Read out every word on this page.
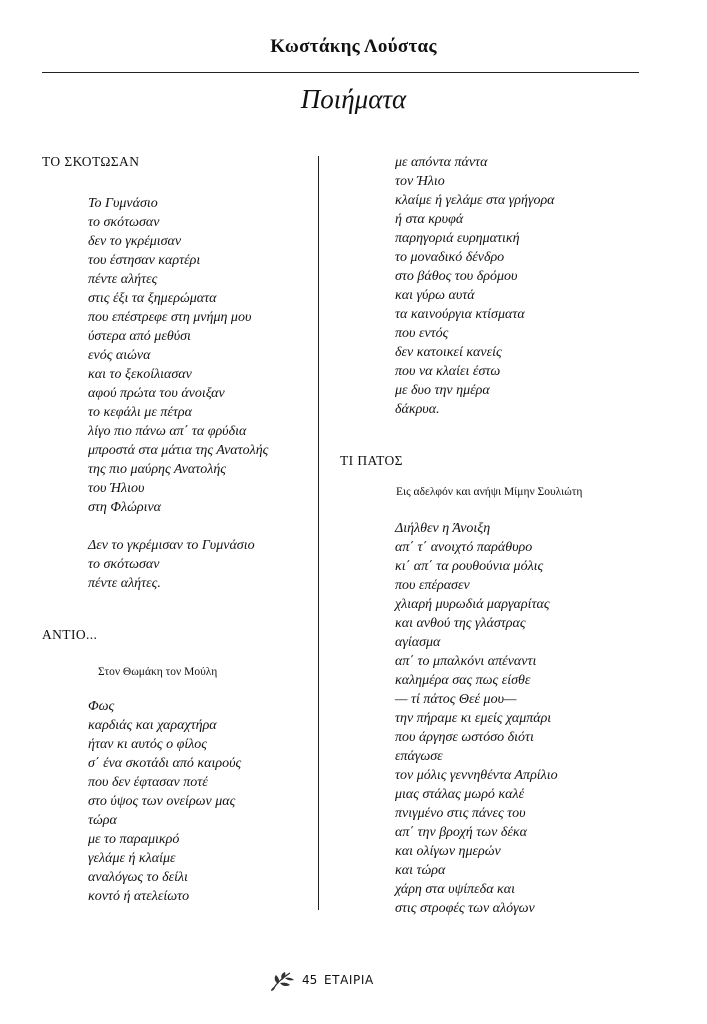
Κωστάκης Λούστας
Ποιήματα
ΤΟ ΣΚΟΤΩΣΑΝ
Το Γυμνάσιο
το σκότωσαν
δεν το γκρέμισαν
του έστησαν καρτέρι
πέντε αλήτες
στις έξι τα ξημερώματα
που επέστρεφε στη μνήμη μου
ύστερα από μεθύσι
ενός αιώνα
και το ξεκοίλιασαν
αφού πρώτα του άνοιξαν
το κεφάλι με πέτρα
λίγο πιο πάνω απ΄ τα φρύδια
μπροστά στα μάτια της Ανατολής
της πιο μαύρης Ανατολής
του Ήλιου
στη Φλώρινα
Δεν το γκρέμισαν το Γυμνάσιο
το σκότωσαν
πέντε αλήτες.
ΑΝΤΙΟ...
Στον Θωμάκη τον Μούλη
Φως
καρδιάς και χαραχτήρα
ήταν κι αυτός ο φίλος
σ΄ ένα σκοτάδι από καιρούς
που δεν έφτασαν ποτέ
στο ύψος των ονείρων μας
τώρα
με το παραμικρό
γελάμε ή κλαίμε
αναλόγως το δείλι
κοντό ή ατελείωτο
με απόντα πάντα
τον Ήλιο
κλαίμε ή γελάμε στα γρήγορα
ή στα κρυφά
παρηγοριά ευρηματική
το μοναδικό δένδρο
στο βάθος του δρόμου
και γύρω αυτά
τα καινούργια κτίσματα
που εντός
δεν κατοικεί κανείς
που να κλαίει έστω
με δυο την ημέρα
δάκρυα.
ΤΙ ΠΑΤΟΣ
Εις αδελφόν και ανήψι Μίμην Σουλιώτη
Διήλθεν η Άνοιξη
απ΄ τ΄ ανοιχτό παράθυρο
κι΄ απ΄ τα ρουθούνια μόλις
που επέρασεν
χλιαρή μυρωδιά μαργαρίτας
και ανθού της γλάστρας
αγίασμα
απ΄ το μπαλκόνι απέναντι
καλημέρα σας πως είσθε
— τί πάτος Θεέ μου—
την πήραμε κι εμείς χαμπάρι
που άργησε ωστόσο διότι
επάγωσε
τον μόλις γεννηθέντα Απρίλιο
μιας στάλας μωρό καλέ
πνιγμένο στις πάνες του
απ΄ την βροχή των δέκα
και ολίγων ημερών
και τώρα
χάρη στα υψίπεδα και
στις στροφές των αλόγων
45 ΕΤΑΙΡΙΑ
